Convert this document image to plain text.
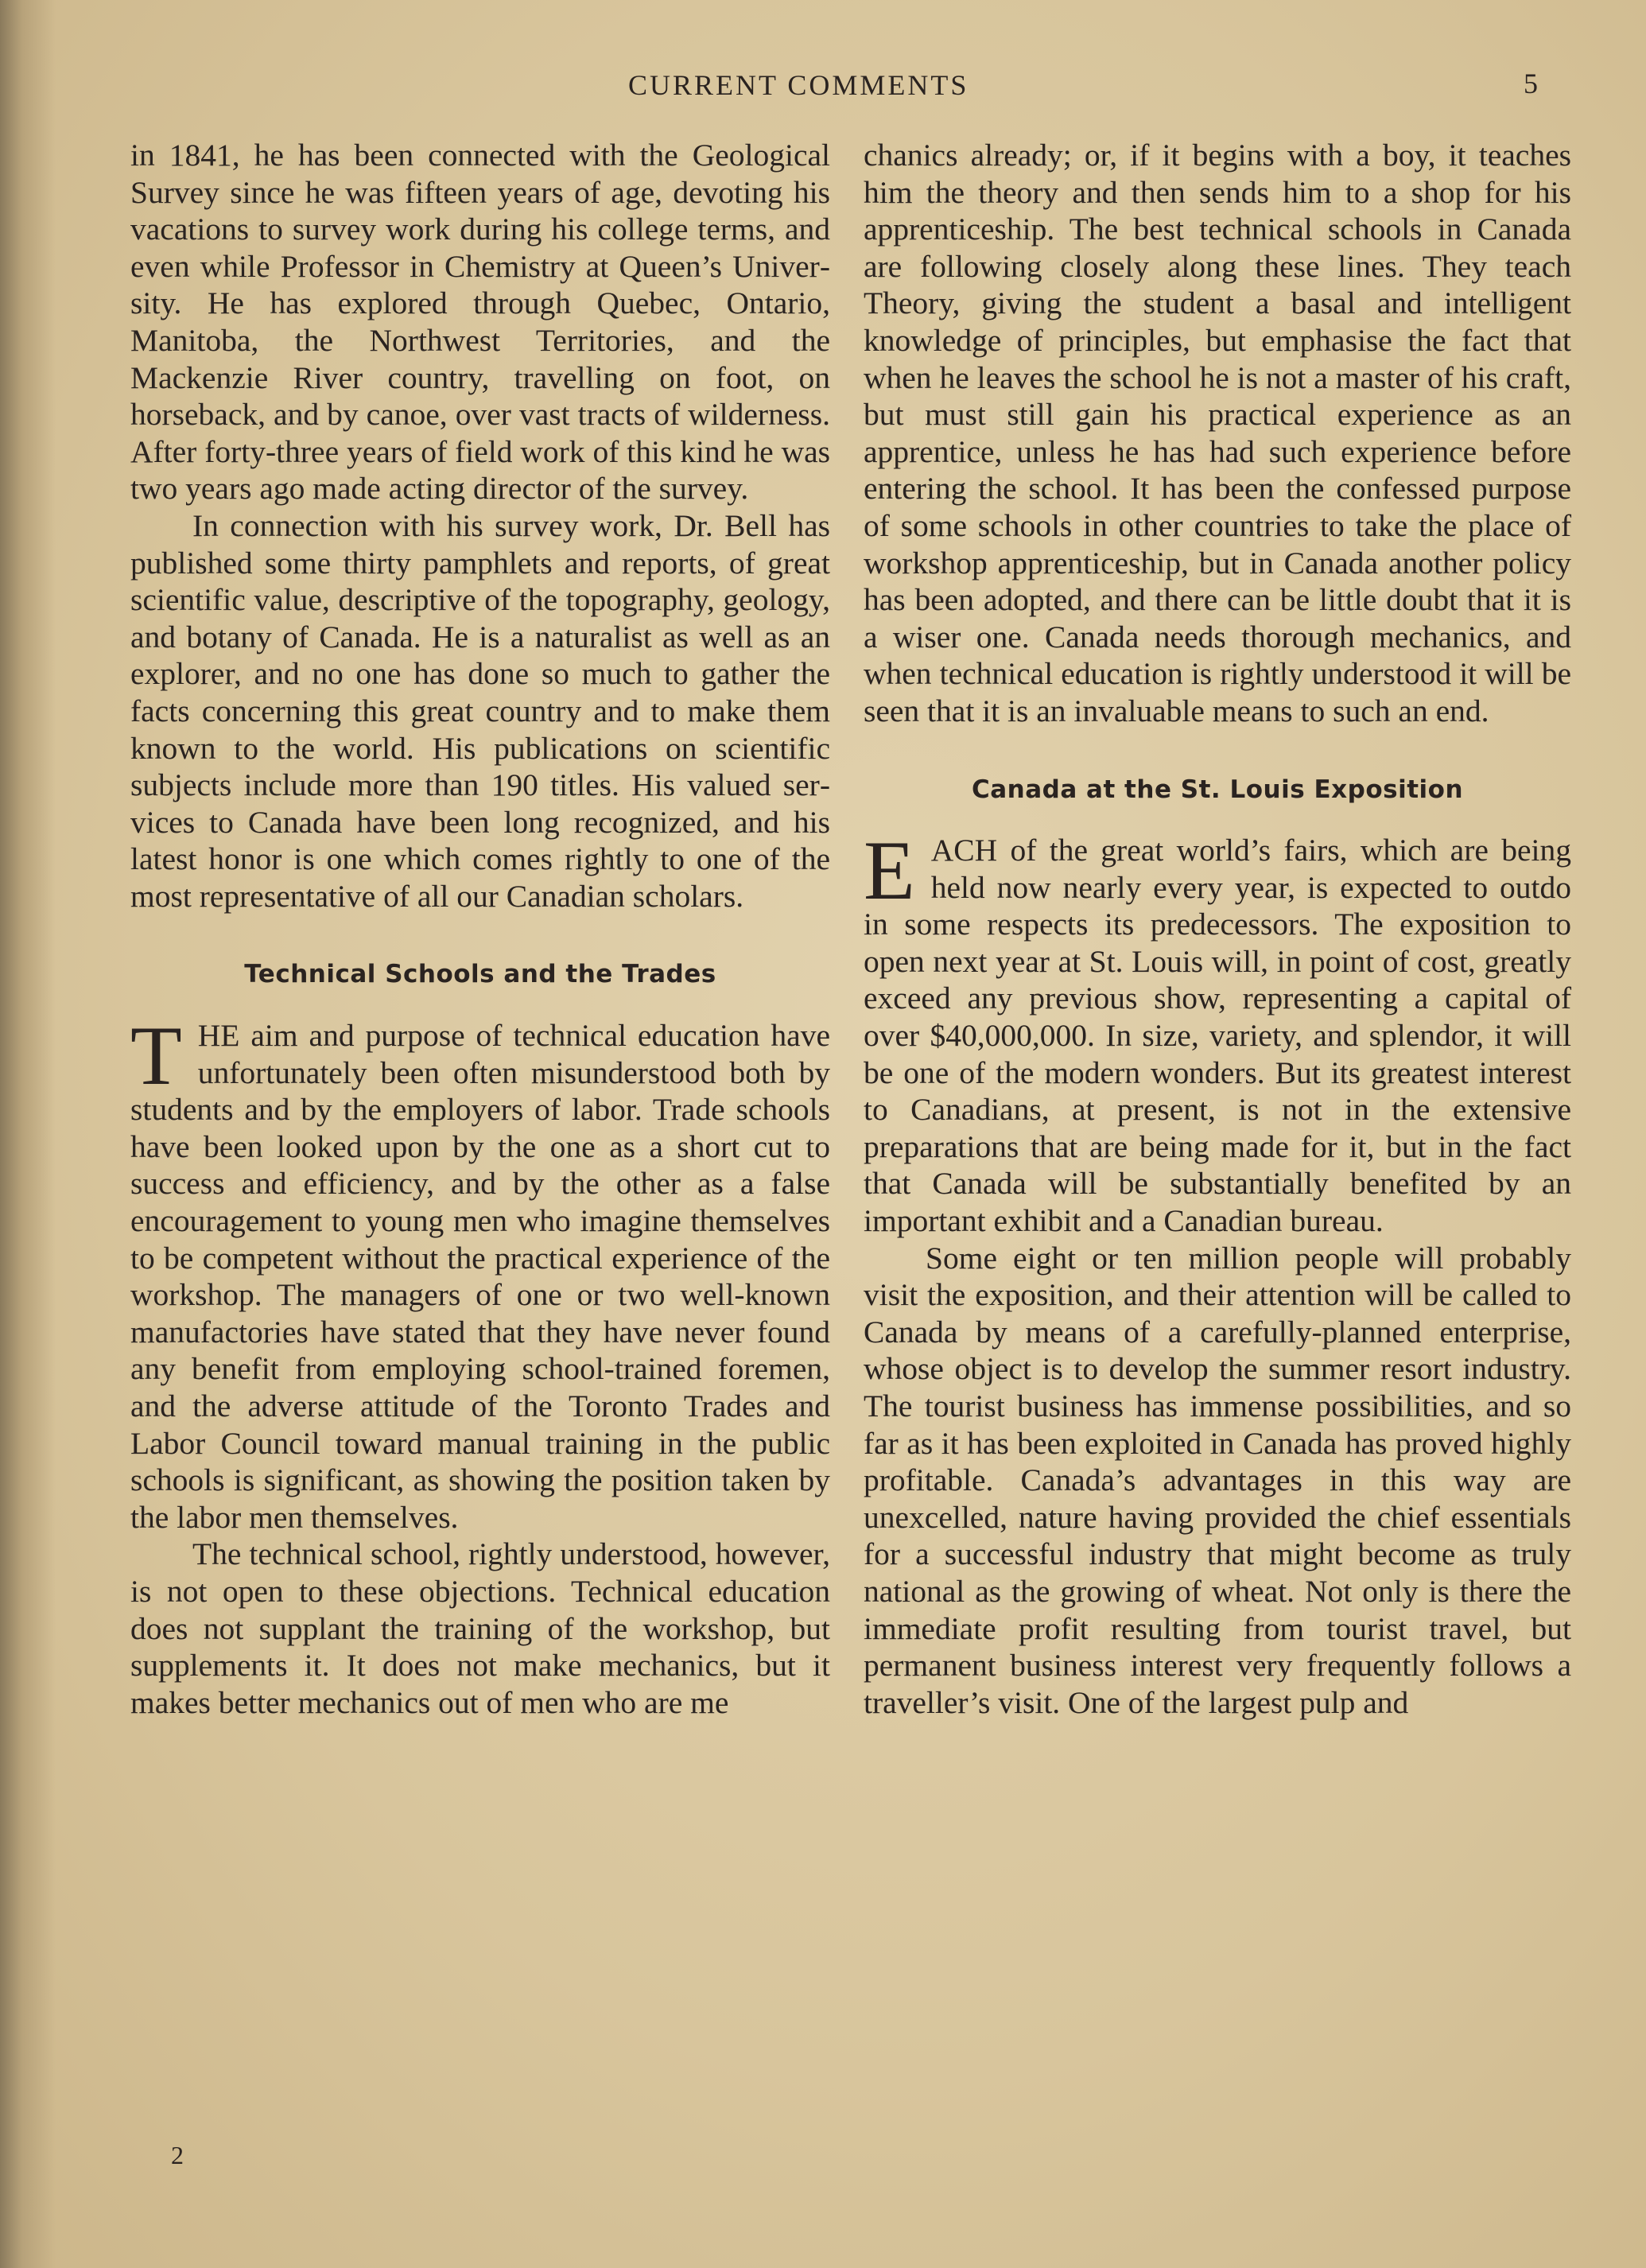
CURRENT COMMENTS	5

in 1841, he has been connected with the Geological Survey since he was fifteen years of age, devoting his vacations to survey work during his college terms, and even while Professor in Chemistry at Queen’s University. He has explored through Quebec, Ontario, Manitoba, the Northwest Territories, and the Mackenzie River country, travelling on foot, on horseback, and by canoe, over vast tracts of wilderness. After forty-three years of field work of this kind he was two years ago made acting director of the survey.

In connection with his survey work, Dr. Bell has published some thirty pamphlets and reports, of great scientific value, descriptive of the topography, geology, and botany of Canada. He is a naturalist as well as an explorer, and no one has done so much to gather the facts concerning this great country and to make them known to the world. His publications on scientific subjects include more than 190 titles. His valued services to Canada have been long recognized, and his latest honor is one which comes rightly to one of the most representative of all our Canadian scholars.

Technical Schools and the Trades

THE aim and purpose of technical education have unfortunately been often misunderstood both by students and by the employers of labor. Trade schools have been looked upon by the one as a short cut to success and efficiency, and by the other as a false encouragement to young men who imagine themselves to be competent without the practical experience of the workshop. The managers of one or two well-known manufactories have stated that they have never found any benefit from employing school-trained foremen, and the adverse attitude of the Toronto Trades and Labor Council toward manual training in the public schools is significant, as showing the position taken by the labor men themselves.

The technical school, rightly understood, however, is not open to these objections. Technical education does not supplant the training of the workshop, but supplements it. It does not make mechanics, but it makes better mechanics out of men who are me

chanics already; or, if it begins with a boy, it teaches him the theory and then sends him to a shop for his apprenticeship. The best technical schools in Canada are following closely along these lines. They teach Theory, giving the student a basal and intelligent knowledge of principles, but emphasise the fact that when he leaves the school he is not a master of his craft, but must still gain his practical experience as an apprentice, unless he has had such experience before entering the school. It has been the confessed purpose of some schools in other countries to take the place of workshop apprenticeship, but in Canada another policy has been adopted, and there can be little doubt that it is a wiser one. Canada needs thorough mechanics, and when technical education is rightly understood it will be seen that it is an invaluable means to such an end.

Canada at the St. Louis Exposition

EACH of the great world’s fairs, which are being held now nearly every year, is expected to outdo in some respects its predecessors. The exposition to open next year at St. Louis will, in point of cost, greatly exceed any previous show, representing a capital of over $40,000,000. In size, variety, and splendor, it will be one of the modern wonders. But its greatest interest to Canadians, at present, is not in the extensive preparations that are being made for it, but in the fact that Canada will be substantially benefited by an important exhibit and a Canadian bureau.

Some eight or ten million people will probably visit the exposition, and their attention will be called to Canada by means of a carefully-planned enterprise, whose object is to develop the summer resort industry. The tourist business has immense possibilities, and so far as it has been exploited in Canada has proved highly profitable. Canada’s advantages in this way are unexcelled, nature having provided the chief essentials for a successful industry that might become as truly national as the growing of wheat. Not only is there the immediate profit resulting from tourist travel, but permanent business interest very frequently follows a traveller’s visit. One of the largest pulp and

2
